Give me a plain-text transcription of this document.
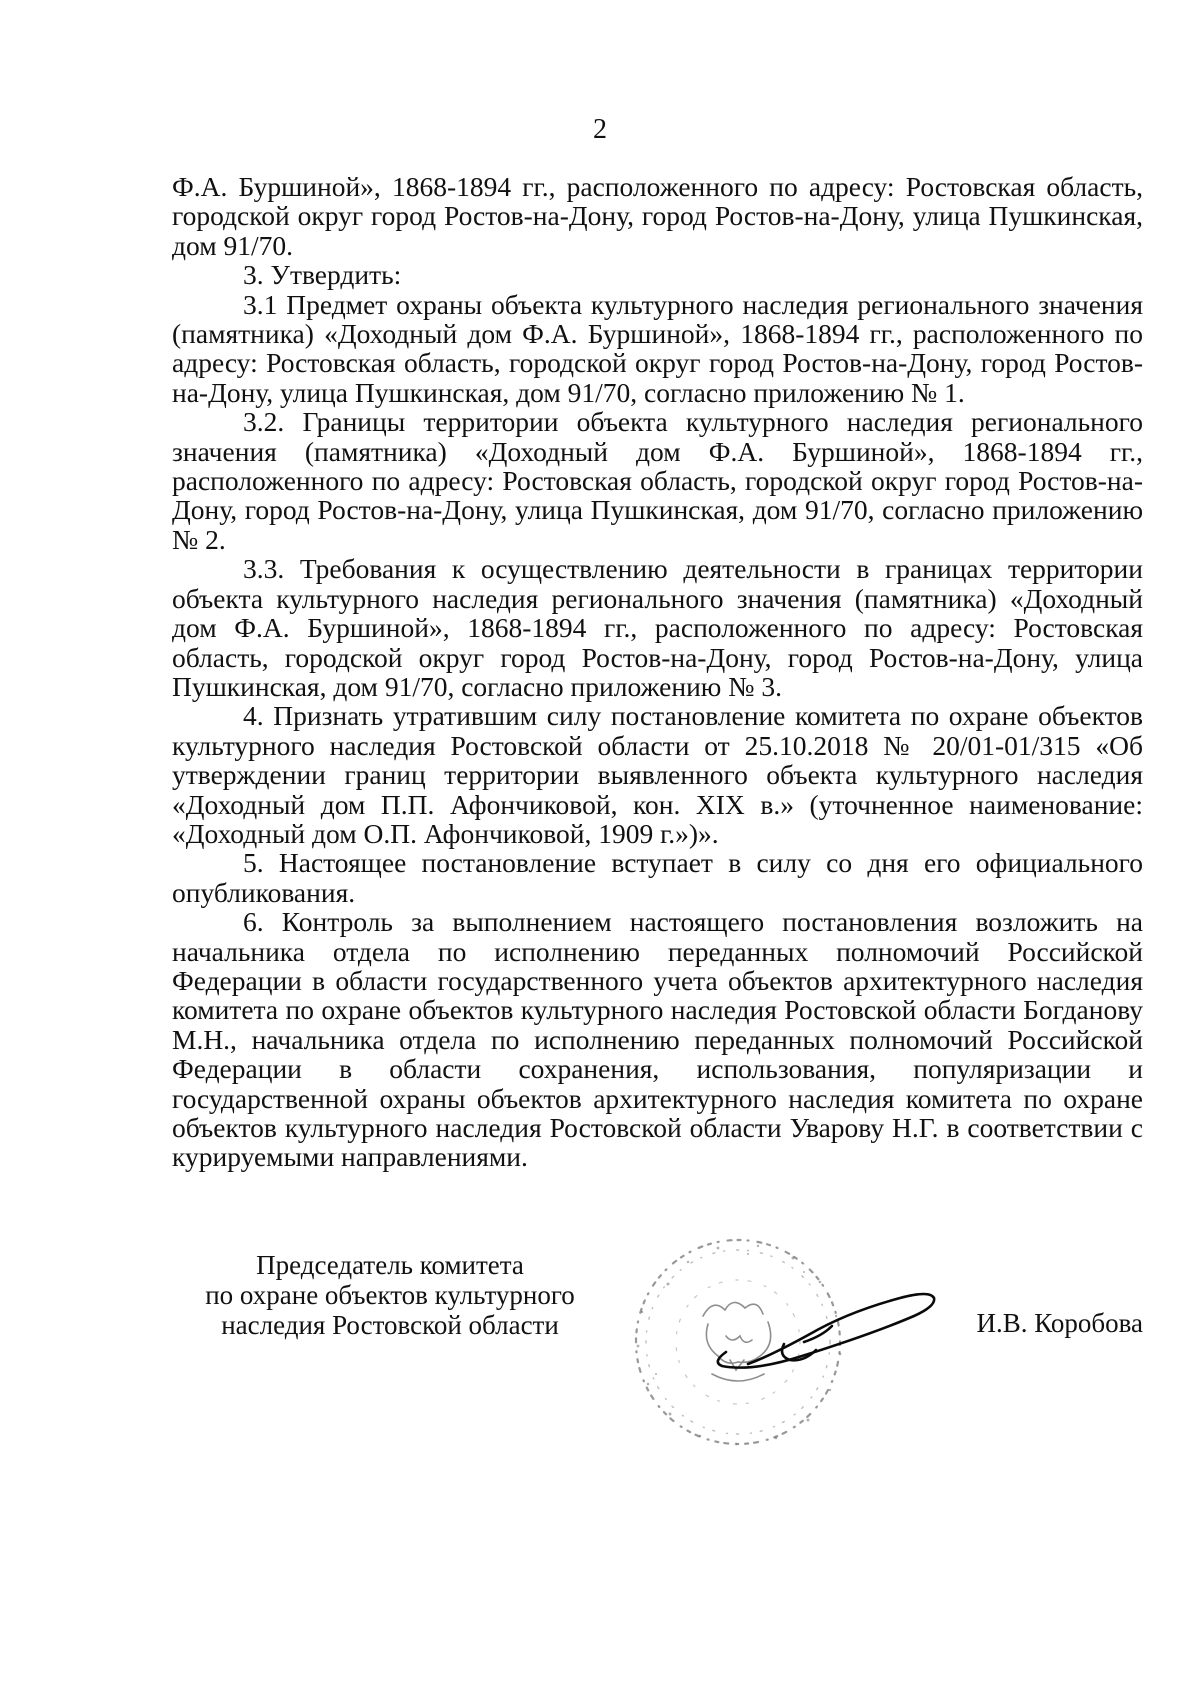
2

Ф.А. Буршиной», 1868-1894 гг., расположенного по адресу: Ростовская область, городской округ город Ростов-на-Дону, город Ростов-на-Дону, улица Пушкинская, дом 91/70.

3. Утвердить:

3.1 Предмет охраны объекта культурного наследия регионального значения (памятника) «Доходный дом Ф.А. Буршиной», 1868-1894 гг., расположенного по адресу: Ростовская область, городской округ город Ростов-на-Дону, город Ростов-на-Дону, улица Пушкинская, дом 91/70, согласно приложению № 1.

3.2. Границы территории объекта культурного наследия регионального значения (памятника) «Доходный дом Ф.А. Буршиной», 1868-1894 гг., расположенного по адресу: Ростовская область, городской округ город Ростов-на-Дону, город Ростов-на-Дону, улица Пушкинская, дом 91/70, согласно приложению № 2.

3.3. Требования к осуществлению деятельности в границах территории объекта культурного наследия регионального значения (памятника) «Доходный дом Ф.А. Буршиной», 1868-1894 гг., расположенного по адресу: Ростовская область, городской округ город Ростов-на-Дону, город Ростов-на-Дону, улица Пушкинская, дом 91/70, согласно приложению № 3.

4. Признать утратившим силу постановление комитета по охране объектов культурного наследия Ростовской области от 25.10.2018 № 20/01-01/315 «Об утверждении границ территории выявленного объекта культурного наследия «Доходный дом П.П. Афончиковой, кон. XIX в.» (уточненное наименование: «Доходный дом О.П. Афончиковой, 1909 г.»)».

5. Настоящее постановление вступает в силу со дня его официального опубликования.

6. Контроль за выполнением настоящего постановления возложить на начальника отдела по исполнению переданных полномочий Российской Федерации в области государственного учета объектов архитектурного наследия комитета по охране объектов культурного наследия Ростовской области Богданову М.Н., начальника отдела по исполнению переданных полномочий Российской Федерации в области сохранения, использования, популяризации и государственной охраны объектов архитектурного наследия комитета по охране объектов культурного наследия Ростовской области Уварову Н.Г. в соответствии с курируемыми направлениями.

Председатель комитета
по охране объектов культурного
наследия Ростовской области	И.В. Коробова
